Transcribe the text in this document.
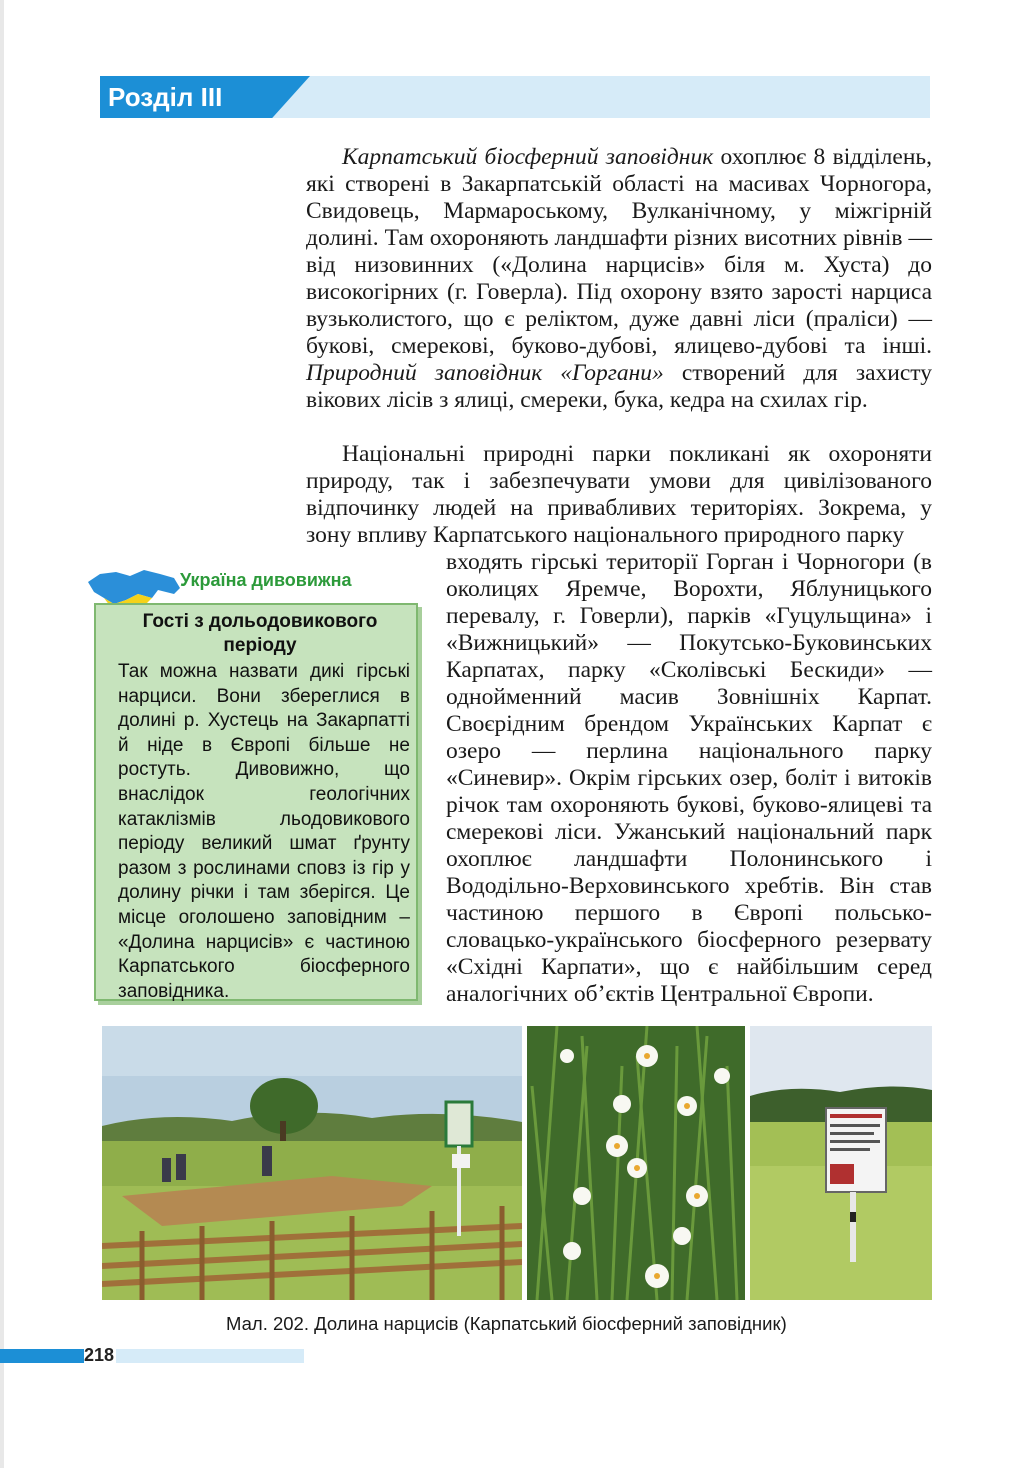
Розділ III

Карпатський біосферний заповідник охоплює 8 відділень, які створені в Закарпатській області на масивах Чорногора, Свидовець, Мармароському, Вулканічному, у міжгірній долині. Там охороняють ландшафти різних висотних рівнів — від низовинних («Долина нарцисів» біля м. Хуста) до високогірних (г. Говерла). Під охорону взято зарості нарциса вузьколистого, що є реліктом, дуже давні ліси (праліси) — букові, смерекові, буково-дубові, ялицево-дубові та інші. Природний заповідник «Горгани» створений для захисту вікових лісів з ялиці, смереки, бука, кедра на схилах гір.

Національні природні парки покликані як охороняти природу, так і забезпечувати умови для цивілізованого відпочинку людей на привабливих територіях. Зокрема, у зону впливу Карпатського національного природного парку

входять гірські території Горган і Чорногори (в околицях Яремче, Ворохти, Яблуницького перевалу, г. Говерли), парків «Гуцульщина» і «Вижницький» — Покутсько-Буковинських Карпатах, парку «Сколівські Бескиди» — однойменний масив Зовнішніх Карпат. Своєрідним брендом Українських Карпат є озеро — перлина національного парку «Синевир». Окрім гірських озер, боліт і витоків річок там охороняють букові, буково-ялицеві та смерекові ліси. Ужанський національний парк охоплює ландшафти Полонинського і Вододільно-Верховинського хребтів. Він став частиною першого в Європі польсько-словацько-українського біосферного резервату «Східні Карпати», що є найбільшим серед аналогічних об’єктів Центральної Європи.

Україна дивовижна
Гості з дольодовикового періоду
Так можна назвати дикі гірські нарциси. Вони збереглися в долині р. Хустець на Закарпатті й ніде в Європі більше не ростуть. Дивовижно, що внаслідок геологічних катаклізмів льодовикового періоду великий шмат ґрунту разом з рослинами сповз із гір у долину річки і там зберігся. Це місце оголошено заповідним – «Долина нарцисів» є частиною Карпатського біосферного заповідника.
Мал. 202. Долина нарцисів (Карпатський біосферний заповідник)
218
